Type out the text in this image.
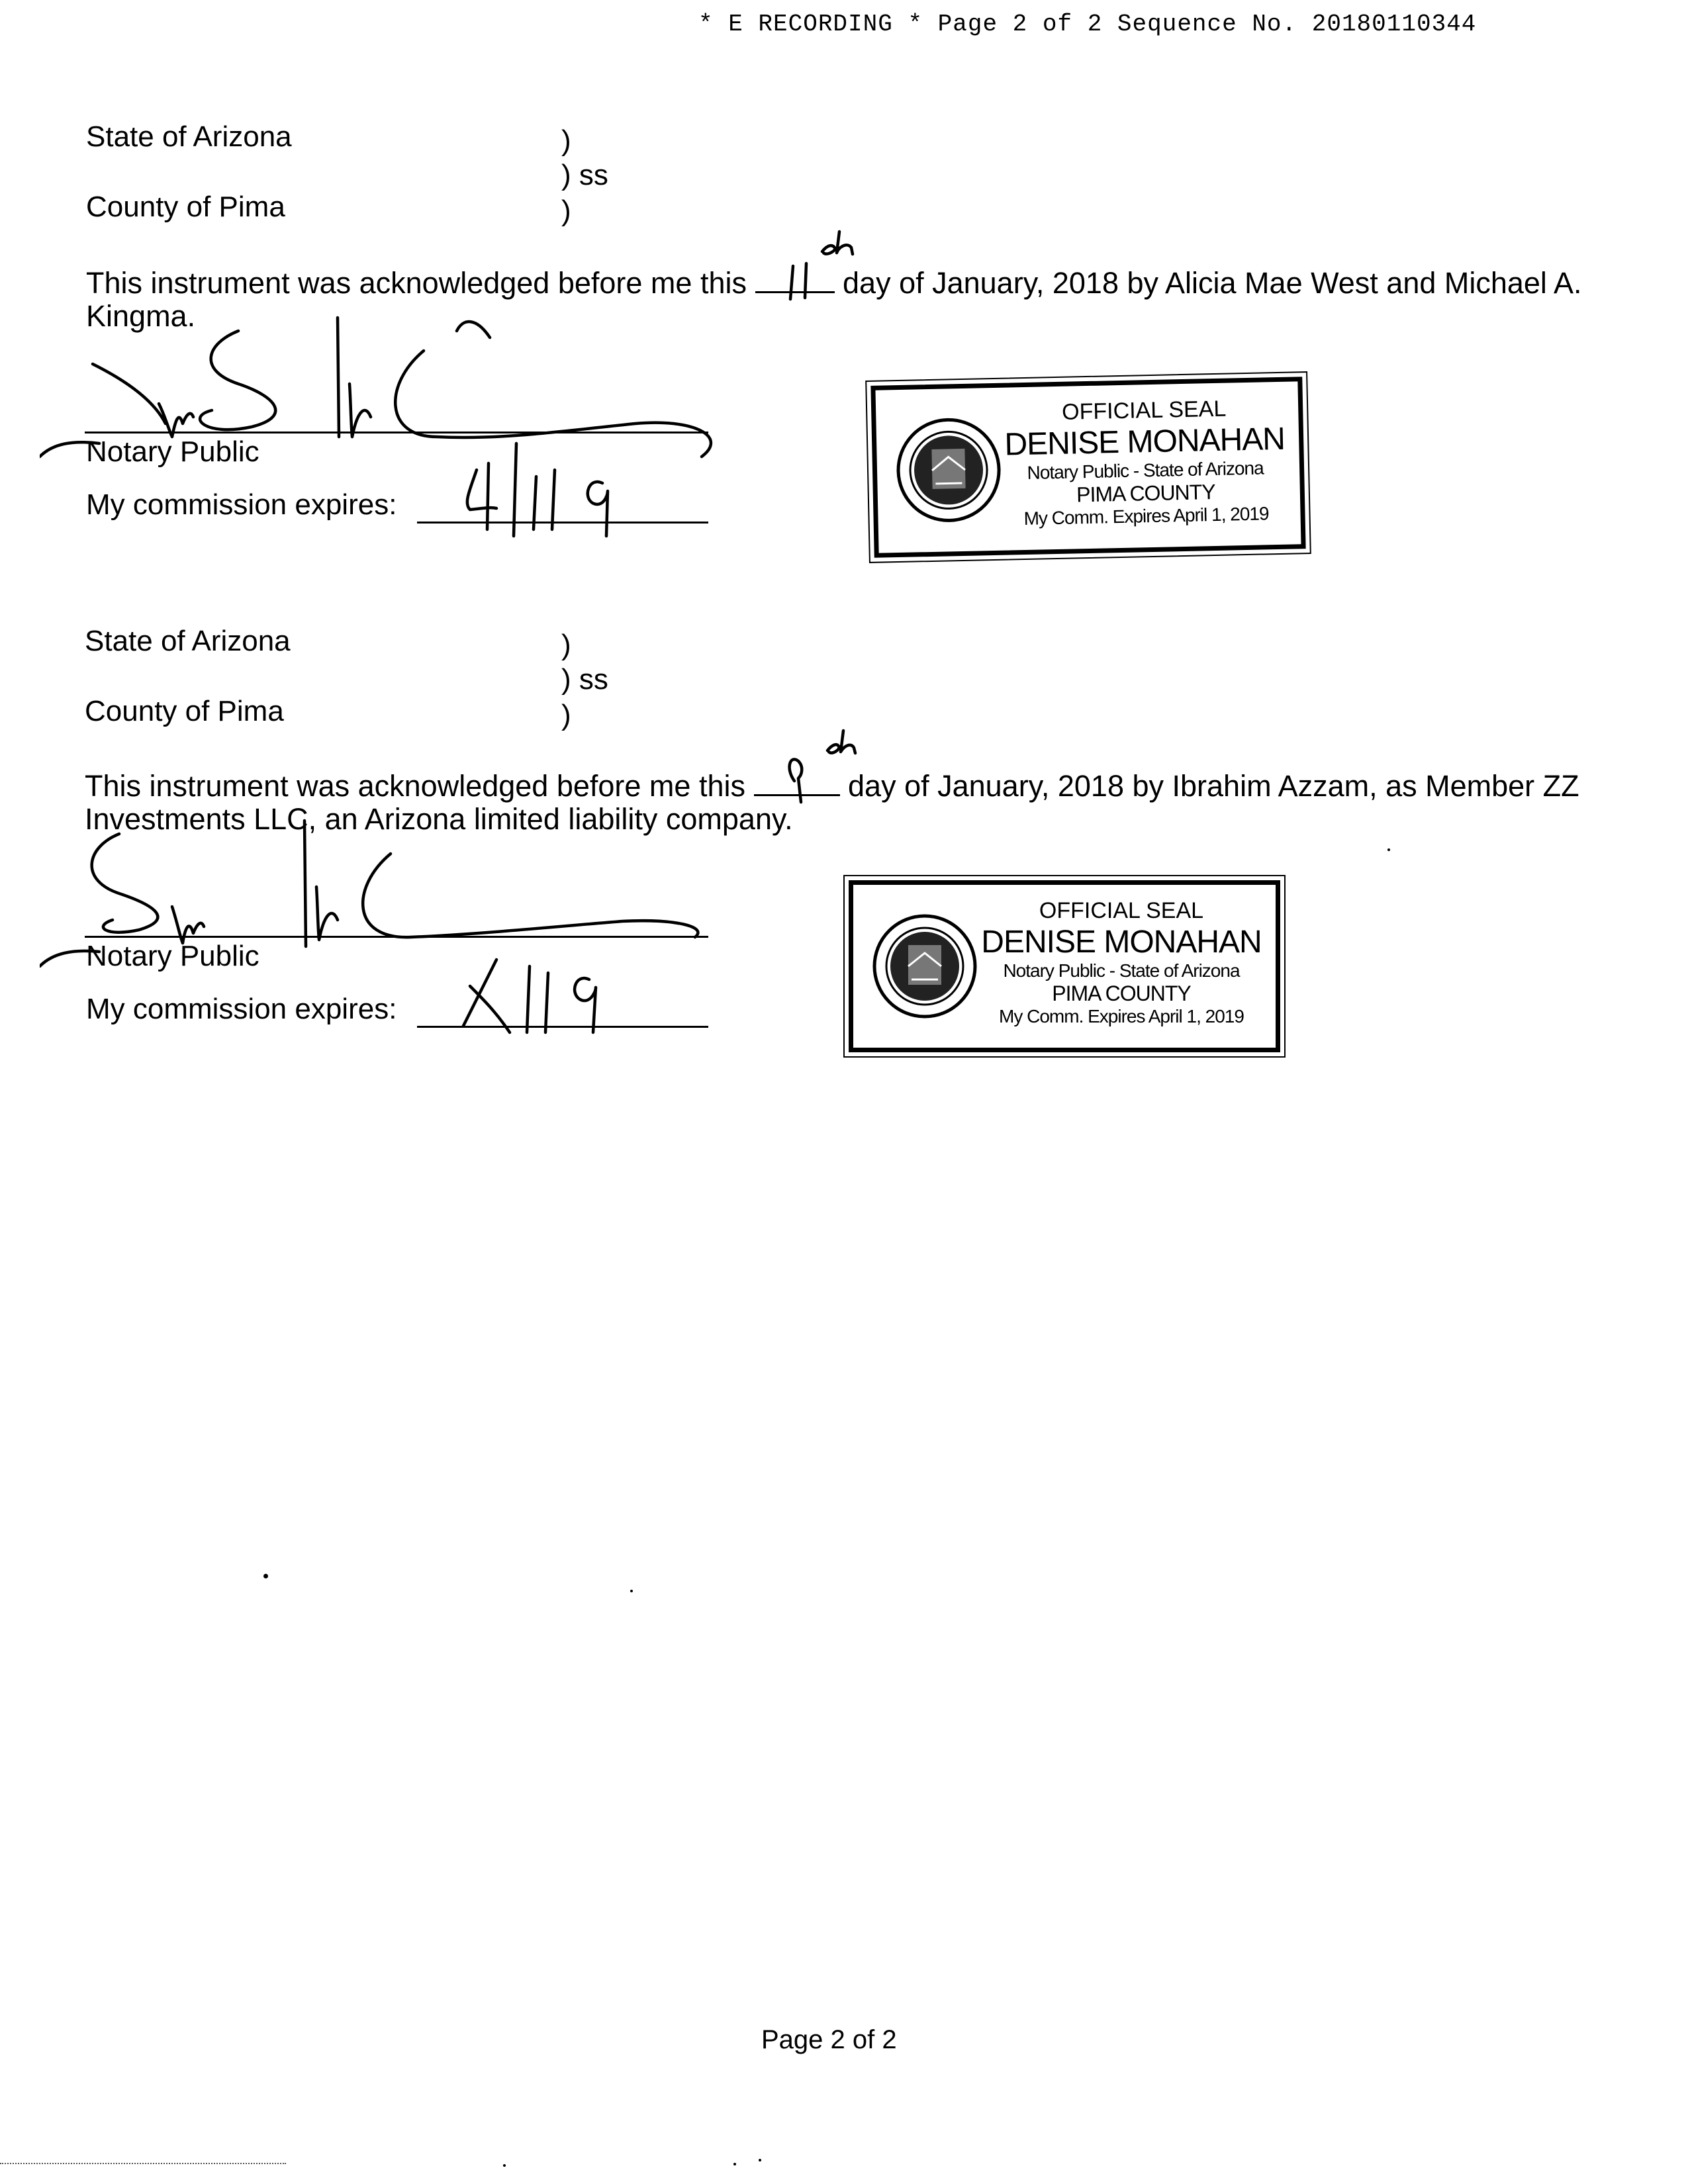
* E RECORDING * Page 2 of 2 Sequence No. 20180110344
State of Arizona	)
) ss
County of Pima	)
This instrument was acknowledged before me this	day of January, 2018 by Alicia Mae West and Michael A. Kingma.
Notary Public
My commission expires:
OFFICIAL SEAL
DENISE MONAHAN
Notary Public - State of Arizona
PIMA COUNTY
My Comm. Expires April 1, 2019
State of Arizona	)
) ss
County of Pima	)
This instrument was acknowledged before me this	day of January, 2018 by Ibrahim Azzam, as Member ZZ Investments LLC, an Arizona limited liability company.
Notary Public
My commission expires:
OFFICIAL SEAL
DENISE MONAHAN
Notary Public - State of Arizona
PIMA COUNTY
My Comm. Expires April 1, 2019
Page 2 of 2
